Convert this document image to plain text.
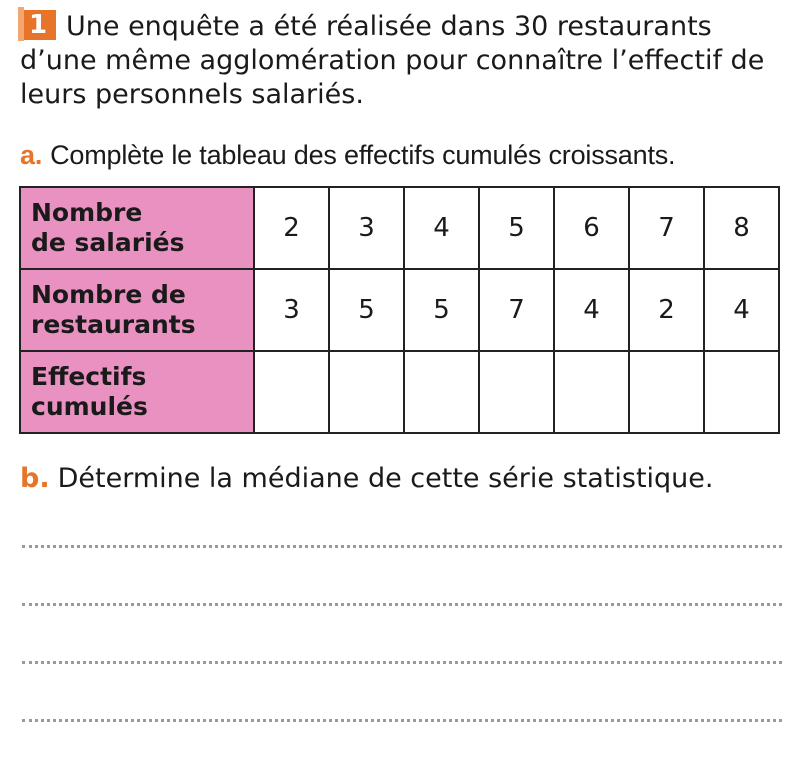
1 Une enquête a été réalisée dans 30 restaurants d’une même agglomération pour connaître l’effectif de leurs personnels salariés.
a. Complète le tableau des effectifs cumulés croissants.
Nombre
de salariés	2	3	4	5	6	7	8
Nombre de
restaurants	3	5	5	7	4	2	4
Effectifs
cumulés							
b. Détermine la médiane de cette série statistique.
